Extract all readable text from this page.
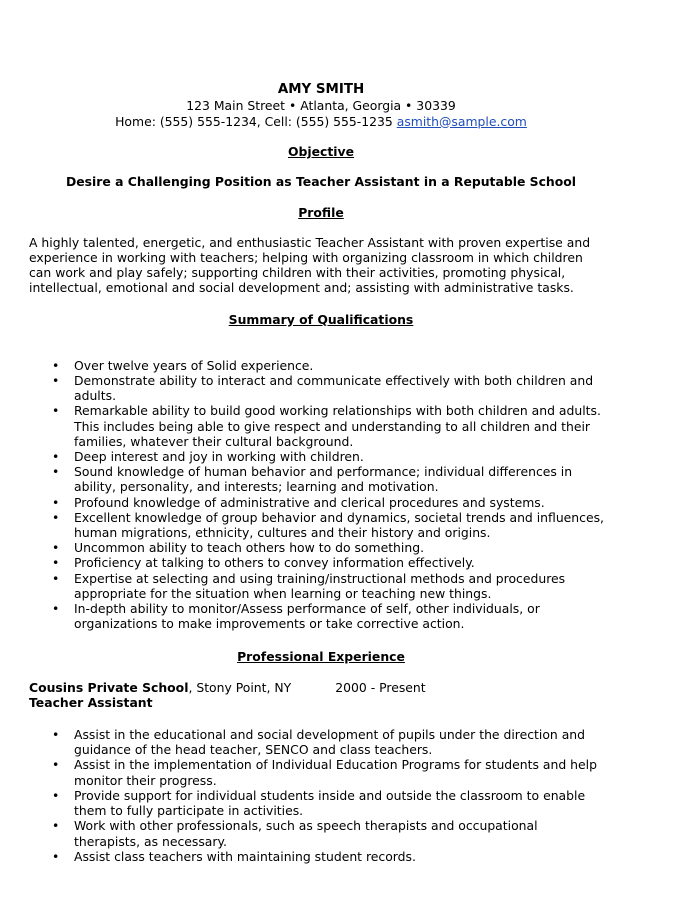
AMY SMITH
123 Main Street • Atlanta, Georgia • 30339
Home: (555) 555-1234, Cell: (555) 555-1235 asmith@sample.com
Objective
Desire a Challenging Position as Teacher Assistant in a Reputable School
Profile
A highly talented, energetic, and enthusiastic Teacher Assistant with proven expertise and
experience in working with teachers; helping with organizing classroom in which children
can work and play safely; supporting children with their activities, promoting physical,
intellectual, emotional and social development and; assisting with administrative tasks.
Summary of Qualifications
• Over twelve years of Solid experience.
• Demonstrate ability to interact and communicate effectively with both children and
adults.
• Remarkable ability to build good working relationships with both children and adults.
This includes being able to give respect and understanding to all children and their
families, whatever their cultural background.
• Deep interest and joy in working with children.
• Sound knowledge of human behavior and performance; individual differences in
ability, personality, and interests; learning and motivation.
• Profound knowledge of administrative and clerical procedures and systems.
• Excellent knowledge of group behavior and dynamics, societal trends and influences,
human migrations, ethnicity, cultures and their history and origins.
• Uncommon ability to teach others how to do something.
• Proficiency at talking to others to convey information effectively.
• Expertise at selecting and using training/instructional methods and procedures
appropriate for the situation when learning or teaching new things.
• In-depth ability to monitor/Assess performance of self, other individuals, or
organizations to make improvements or take corrective action.
Professional Experience
Cousins Private School, Stony Point, NY	2000 - Present
Teacher Assistant
• Assist in the educational and social development of pupils under the direction and
guidance of the head teacher, SENCO and class teachers.
• Assist in the implementation of Individual Education Programs for students and help
monitor their progress.
• Provide support for individual students inside and outside the classroom to enable
them to fully participate in activities.
• Work with other professionals, such as speech therapists and occupational
therapists, as necessary.
• Assist class teachers with maintaining student records.
